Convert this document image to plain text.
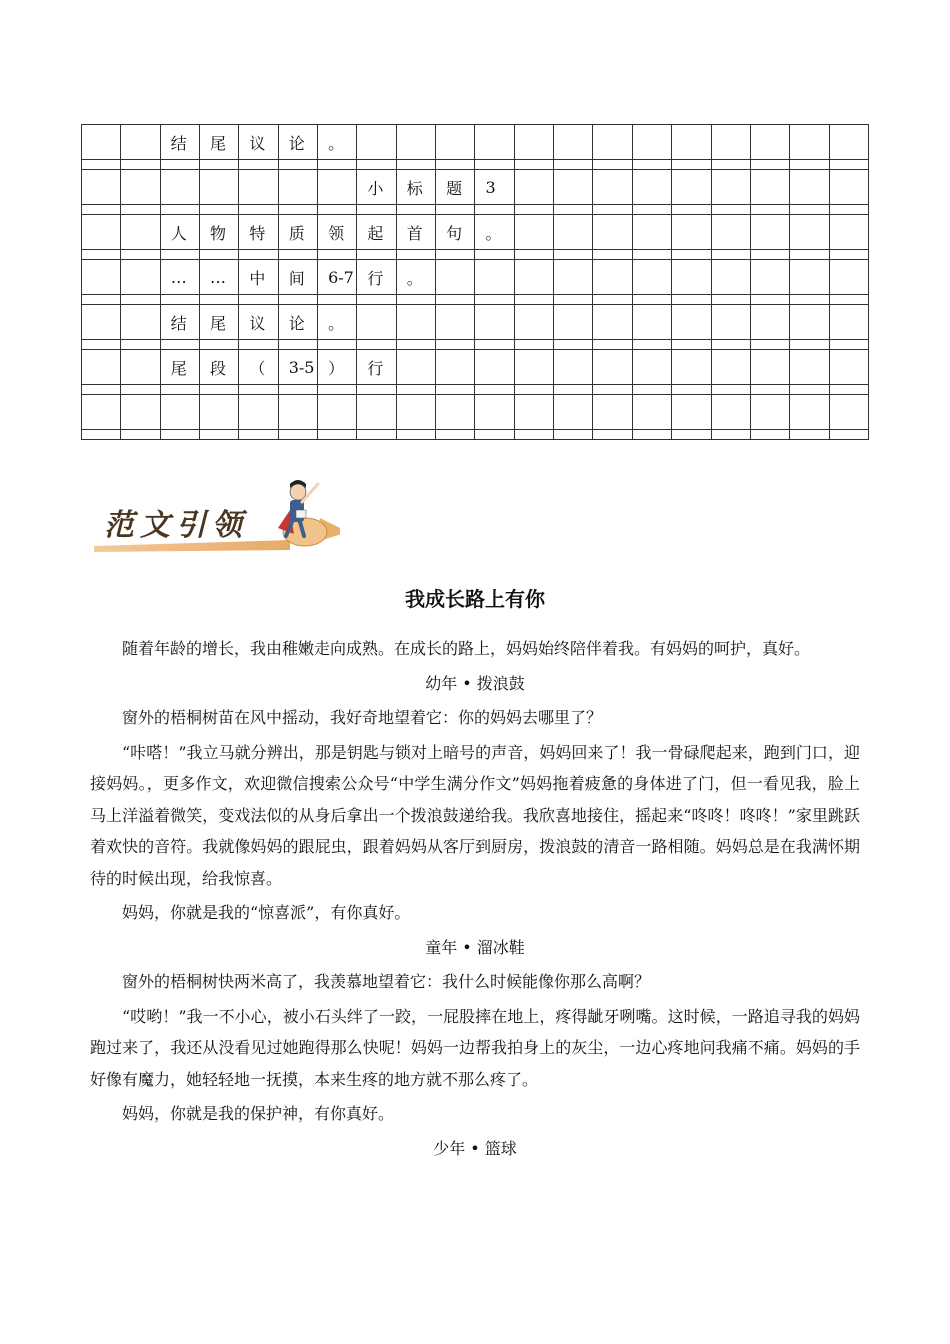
		结	尾	议	论	。													

							小	标	题	3									

		人	物	特	质	领	起	首	句	。									

		…	…	中	间	6-7	行	。											

		结	尾	议	论	。													

		尾	段	（	3-5	）	行												

范文引领
我成长路上有你

随着年龄的增长，我由稚嫩走向成熟。在成长的路上，妈妈始终陪伴着我。有妈妈的呵护，真好。

幼年 • 拨浪鼓

窗外的梧桐树苗在风中摇动，我好奇地望着它：你的妈妈去哪里了？

“咔嗒！”我立马就分辨出，那是钥匙与锁对上暗号的声音，妈妈回来了！我一骨碌爬起来，跑到门口，迎接妈妈。，更多作文，欢迎微信搜索公众号“中学生满分作文”妈妈拖着疲惫的身体进了门，但一看见我，脸上马上洋溢着微笑，变戏法似的从身后拿出一个拨浪鼓递给我。我欣喜地接住，摇起来“咚咚！咚咚！”家里跳跃着欢快的音符。我就像妈妈的跟屁虫，跟着妈妈从客厅到厨房，拨浪鼓的清音一路相随。妈妈总是在我满怀期待的时候出现，给我惊喜。

妈妈，你就是我的“惊喜派”，有你真好。

童年 • 溜冰鞋

窗外的梧桐树快两米高了，我羡慕地望着它：我什么时候能像你那么高啊？

“哎哟！”我一不小心，被小石头绊了一跤，一屁股摔在地上，疼得龇牙咧嘴。这时候，一路追寻我的妈妈跑过来了，我还从没看见过她跑得那么快呢！妈妈一边帮我拍身上的灰尘，一边心疼地问我痛不痛。妈妈的手好像有魔力，她轻轻地一抚摸，本来生疼的地方就不那么疼了。

妈妈，你就是我的保护神，有你真好。

少年 • 篮球
